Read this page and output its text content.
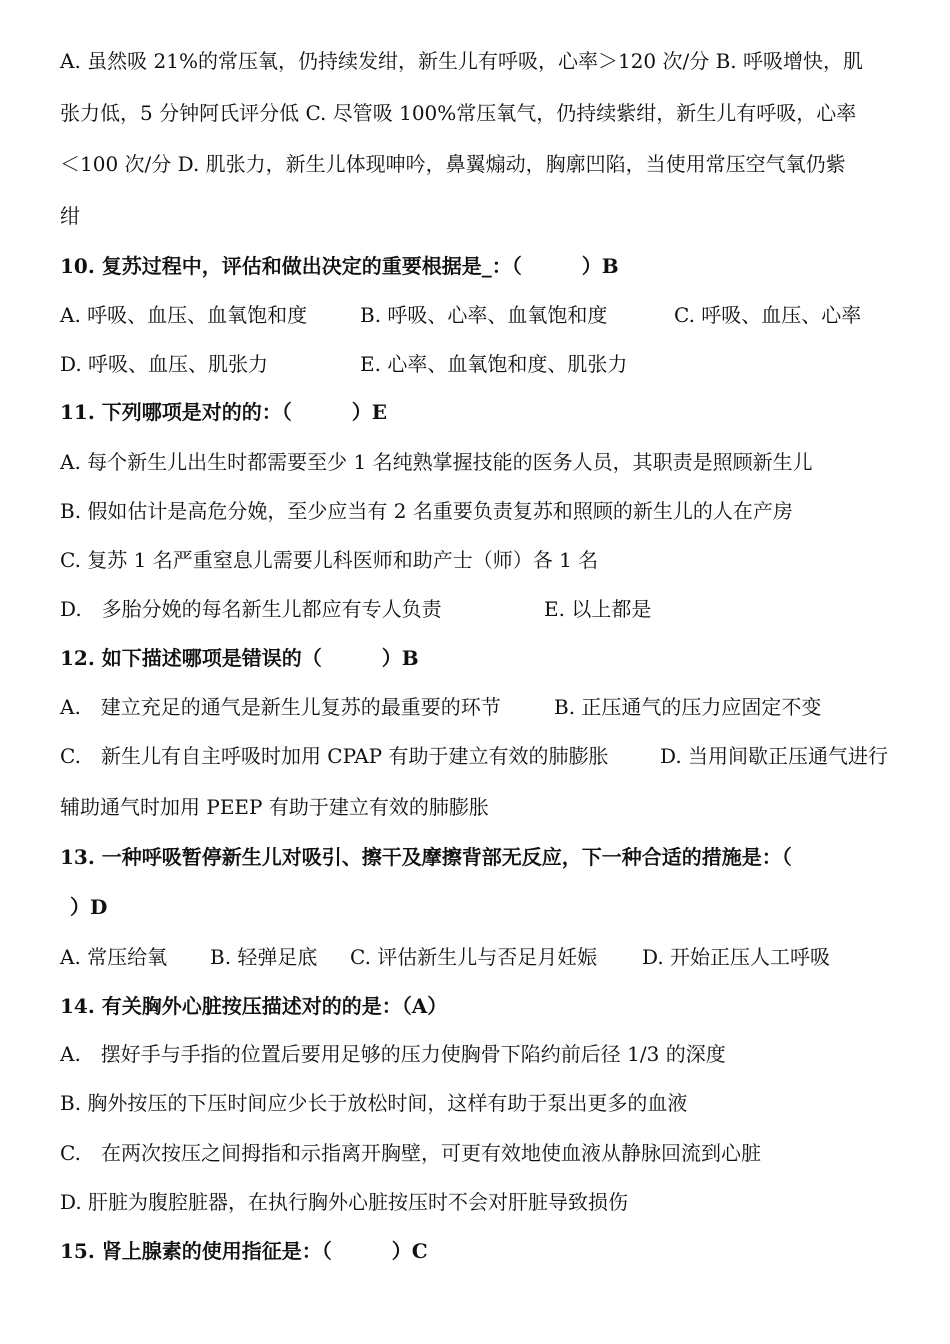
A. 虽然吸 21%的常压氧，仍持续发绀，新生儿有呼吸，心率＞120 次/分 B. 呼吸增快，肌
张力低，5 分钟阿氏评分低 C. 尽管吸 100%常压氧气，仍持续紫绀，新生儿有呼吸，心率
＜100 次/分 D. 肌张力，新生儿体现呻吟，鼻翼煽动，胸廓凹陷，当使用常压空气氧仍紫
绀
10. 复苏过程中，评估和做出决定的重要根据是_：（　　　）B
A. 呼吸、血压、血氧饱和度	B. 呼吸、心率、血氧饱和度	C. 呼吸、血压、心率
D. 呼吸、血压、肌张力	E. 心率、血氧饱和度、肌张力
11. 下列哪项是对的的：（　　　）E
A. 每个新生儿出生时都需要至少 1 名纯熟掌握技能的医务人员，其职责是照顾新生儿
B. 假如估计是高危分娩，至少应当有 2 名重要负责复苏和照顾的新生儿的人在产房
C. 复苏 1 名严重窒息儿需要儿科医师和助产士（师）各 1 名
D.　多胎分娩的每名新生儿都应有专人负责	E. 以上都是
12. 如下描述哪项是错误的（　　　）B
A.　建立充足的通气是新生儿复苏的最重要的环节	B. 正压通气的压力应固定不变
C.　新生儿有自主呼吸时加用 CPAP 有助于建立有效的肺膨胀	D. 当用间歇正压通气进行
辅助通气时加用 PEEP 有助于建立有效的肺膨胀
13. 一种呼吸暂停新生儿对吸引、擦干及摩擦背部无反应，下一种合适的措施是：（
）D
A. 常压给氧 B. 轻弹足底 C. 评估新生儿与否足月妊娠 D. 开始正压人工呼吸
14. 有关胸外心脏按压描述对的的是：（A）
A.　摆好手与手指的位置后要用足够的压力使胸骨下陷约前后径 1/3 的深度
B. 胸外按压的下压时间应少长于放松时间，这样有助于泵出更多的血液
C.　在两次按压之间拇指和示指离开胸壁，可更有效地使血液从静脉回流到心脏
D. 肝脏为腹腔脏器，在执行胸外心脏按压时不会对肝脏导致损伤
15. 肾上腺素的使用指征是：（　　　）C
